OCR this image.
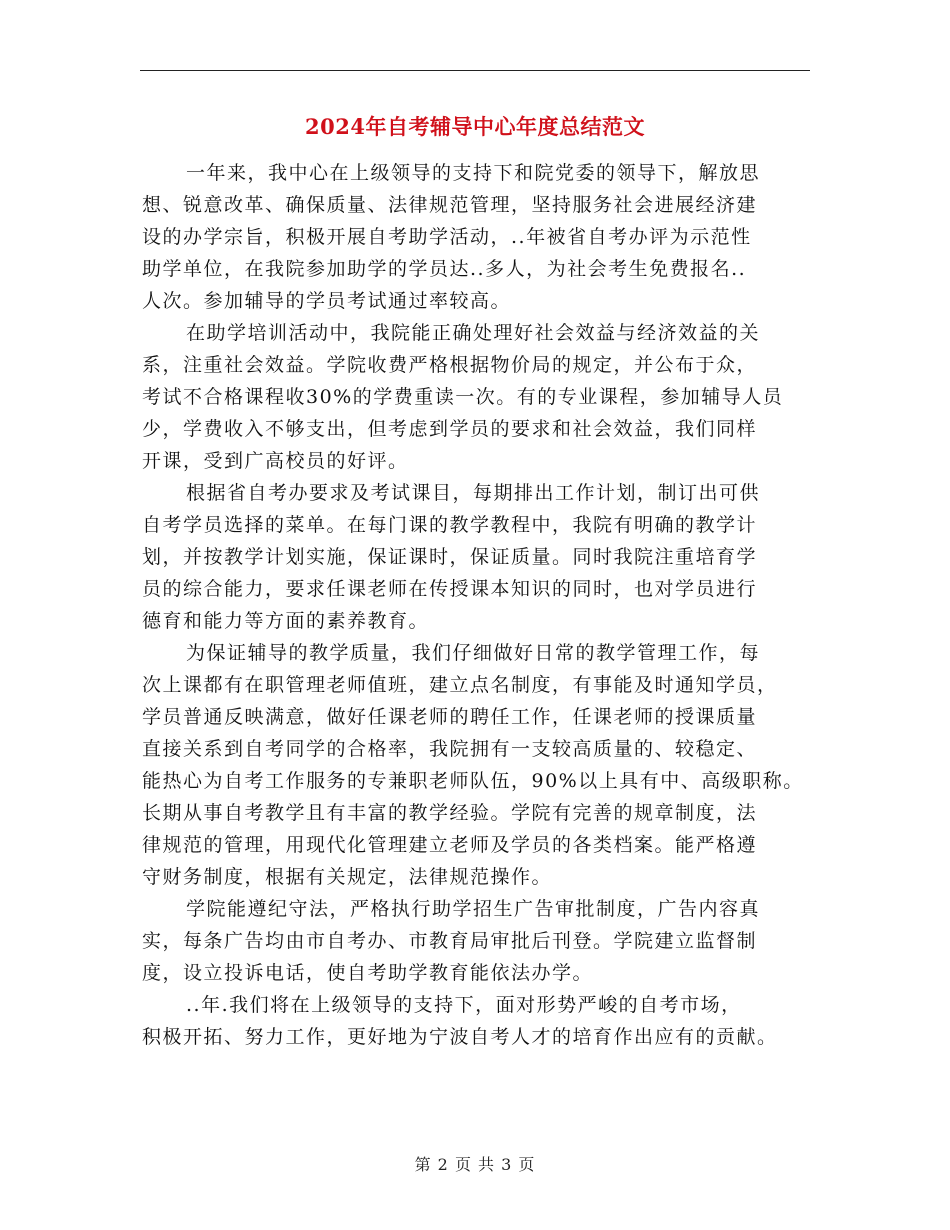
2024年自考辅导中心年度总结范文
一年来，我中心在上级领导的支持下和院党委的领导下，解放思
想、锐意改革、确保质量、法律规范管理，坚持服务社会进展经济建
设的办学宗旨，积极开展自考助学活动，..年被省自考办评为示范性
助学单位，在我院参加助学的学员达..多人，为社会考生免费报名..
人次。参加辅导的学员考试通过率较高。
在助学培训活动中，我院能正确处理好社会效益与经济效益的关
系，注重社会效益。学院收费严格根据物价局的规定，并公布于众，
考试不合格课程收30%的学费重读一次。有的专业课程，参加辅导人员
少，学费收入不够支出，但考虑到学员的要求和社会效益，我们同样
开课，受到广高校员的好评。
根据省自考办要求及考试课目，每期排出工作计划，制订出可供
自考学员选择的菜单。在每门课的教学教程中，我院有明确的教学计
划，并按教学计划实施，保证课时，保证质量。同时我院注重培育学
员的综合能力，要求任课老师在传授课本知识的同时，也对学员进行
德育和能力等方面的素养教育。
为保证辅导的教学质量，我们仔细做好日常的教学管理工作，每
次上课都有在职管理老师值班，建立点名制度，有事能及时通知学员，
学员普通反映满意，做好任课老师的聘任工作，任课老师的授课质量
直接关系到自考同学的合格率，我院拥有一支较高质量的、较稳定、
能热心为自考工作服务的专兼职老师队伍，90%以上具有中、高级职称。
长期从事自考教学且有丰富的教学经验。学院有完善的规章制度，法
律规范的管理，用现代化管理建立老师及学员的各类档案。能严格遵
守财务制度，根据有关规定，法律规范操作。
学院能遵纪守法，严格执行助学招生广告审批制度，广告内容真
实，每条广告均由市自考办、市教育局审批后刊登。学院建立监督制
度，设立投诉电话，使自考助学教育能依法办学。
..年.我们将在上级领导的支持下，面对形势严峻的自考市场，
积极开拓、努力工作，更好地为宁波自考人才的培育作出应有的贡献。
第 2 页 共 3 页
